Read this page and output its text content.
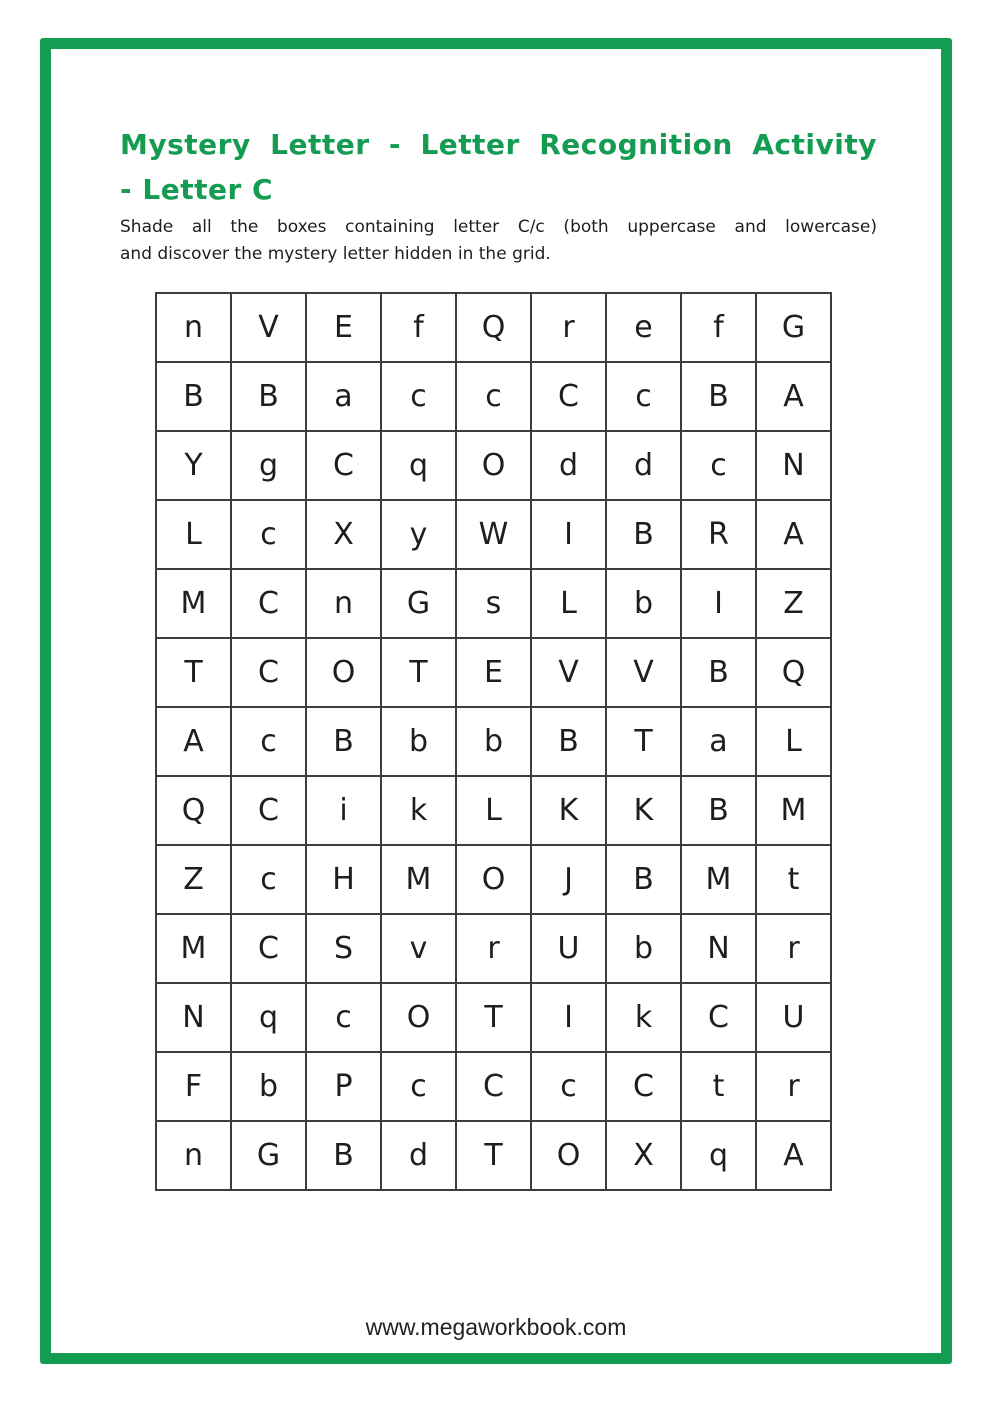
Mystery Letter - Letter Recognition Activity
- Letter C

Shade all the boxes containing letter C/c (both uppercase and lowercase)
and discover the mystery letter hidden in the grid.

n	V	E	f	Q	r	e	f	G
B	B	a	c	c	C	c	B	A
Y	g	C	q	O	d	d	c	N
L	c	X	y	W	I	B	R	A
M	C	n	G	s	L	b	I	Z
T	C	O	T	E	V	V	B	Q
A	c	B	b	b	B	T	a	L
Q	C	i	k	L	K	K	B	M
Z	c	H	M	O	J	B	M	t
M	C	S	v	r	U	b	N	r
N	q	c	O	T	I	k	C	U
F	b	P	c	C	c	C	t	r
n	G	B	d	T	O	X	q	A
www.megaworkbook.com
